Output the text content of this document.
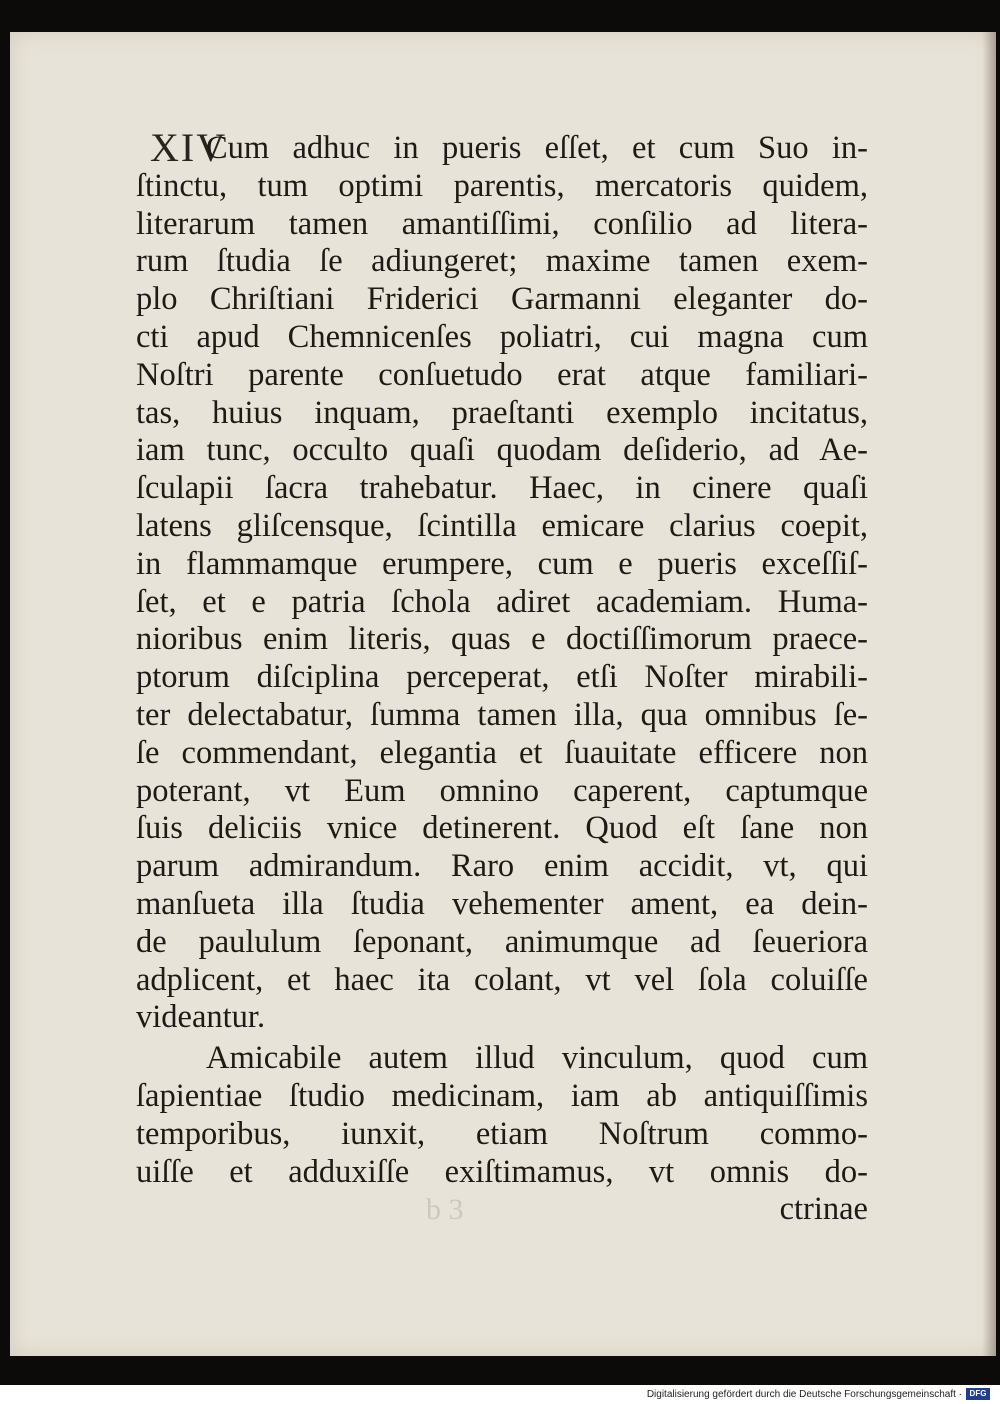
XIV
Cum adhuc in pueris eſſet, et cum Suo in-
ſtinctu, tum optimi parentis, mercatoris quidem,
literarum tamen amantiſſimi, conſilio ad litera-
rum ſtudia ſe adiungeret; maxime tamen exem-
plo Chriſtiani Friderici Garmanni eleganter do-
cti apud Chemnicenſes poliatri, cui magna cum
Noſtri parente conſuetudo erat atque familiari-
tas, huius inquam, praeſtanti exemplo incitatus,
iam tunc, occulto quaſi quodam deſiderio, ad Ae-
ſculapii ſacra trahebatur. Haec, in cinere quaſi
latens gliſcensque, ſcintilla emicare clarius coepit,
in flammamque erumpere, cum e pueris exceſſiſ-
ſet, et e patria ſchola adiret academiam. Huma-
nioribus enim literis, quas e doctiſſimorum praece-
ptorum diſciplina perceperat, etſi Noſter mirabili-
ter delectabatur, ſumma tamen illa, qua omnibus ſe-
ſe commendant, elegantia et ſuauitate efficere non
poterant, vt Eum omnino caperent, captumque
ſuis deliciis vnice detinerent. Quod eſt ſane non
parum admirandum. Raro enim accidit, vt, qui
manſueta illa ſtudia vehementer ament, ea dein-
de paululum ſeponant, animumque ad ſeueriora
adplicent, et haec ita colant, vt vel ſola coluiſſe
videantur.
Amicabile autem illud vinculum, quod cum
ſapientiae ſtudio medicinam, iam ab antiquiſſimis
temporibus, iunxit, etiam Noſtrum commo-
uiſſe et adduxiſſe exiſtimamus, vt omnis do-
b 3	ctrinae
Digitalisierung gefördert durch die Deutsche Forschungsgemeinschaft · DFG
